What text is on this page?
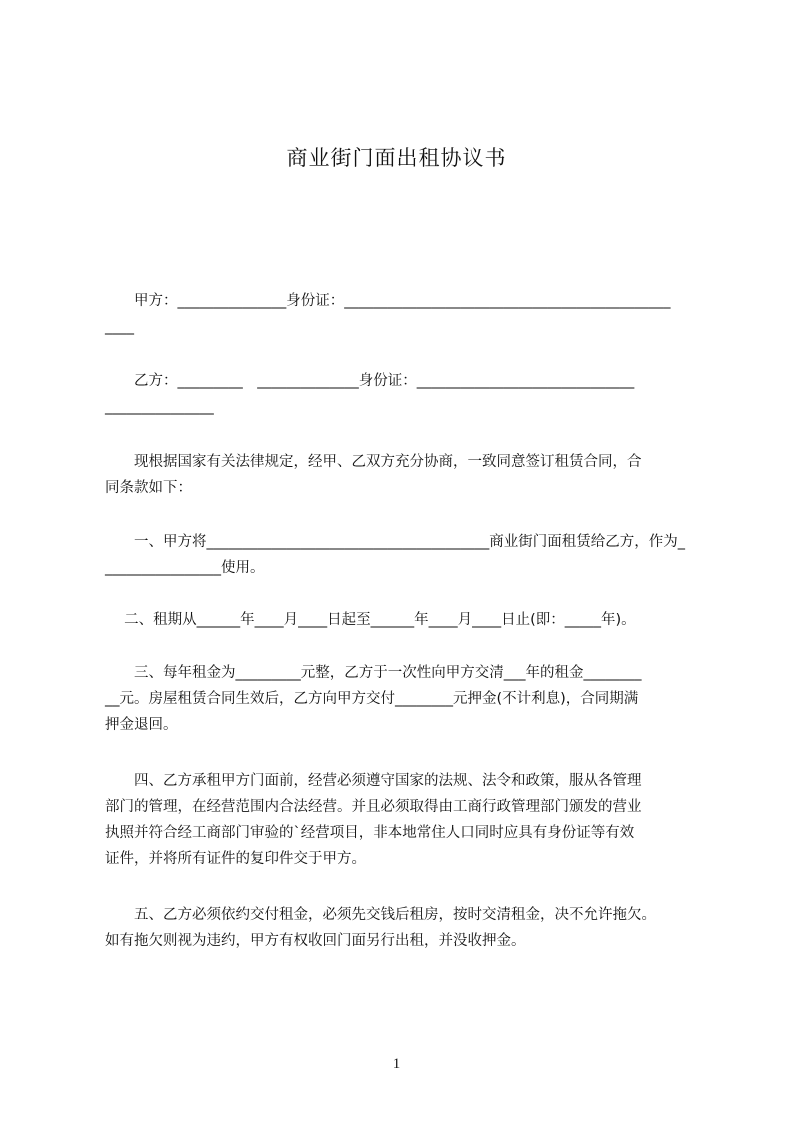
商业街门面出租协议书
　　甲方：_______________身份证：_____________________________________________
____
　　乙方：_________　______________身份证：______________________________
_______________
　　现根据国家有关法律规定，经甲、乙双方充分协商，一致同意签订租赁合同，合
同条款如下：
　　一、甲方将_______________________________________商业街门面租赁给乙方，作为_
________________使用。
　 二、租期从______年____月____日起至______年____月____日止(即：_____年)。
　　三、每年租金为_________元整，乙方于一次性向甲方交清___年的租金________
__元。房屋租赁合同生效后，乙方向甲方交付________元押金(不计利息)，合同期满
押金退回。
　　四、乙方承租甲方门面前，经营必须遵守国家的法规、法令和政策，服从各管理
部门的管理，在经营范围内合法经营。并且必须取得由工商行政管理部门颁发的营业
执照并符合经工商部门审验的`经营项目，非本地常住人口同时应具有身份证等有效
证件，并将所有证件的复印件交于甲方。
　　五、乙方必须依约交付租金，必须先交钱后租房，按时交清租金，决不允许拖欠。
如有拖欠则视为违约，甲方有权收回门面另行出租，并没收押金。
1
